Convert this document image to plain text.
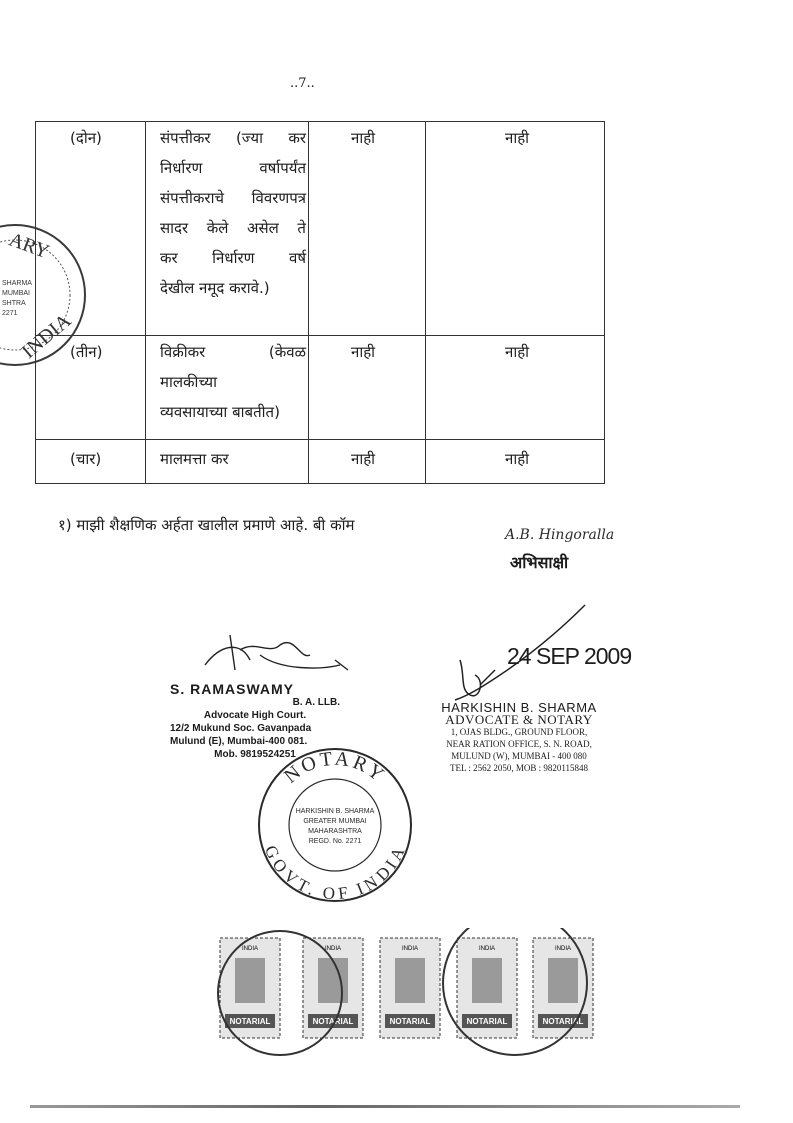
..7..
(दोन)	संपत्तीकर (ज्या कर
निर्धारण वर्षापर्यंत
संपत्तीकराचे विवरणपत्र
सादर केले असेल ते
कर निर्धारण वर्ष
देखील नमूद करावे.)
नाही	नाही
(तीन)	विक्रीकर (केवळ
मालकीच्या
व्यवसायाच्या बाबतीत)
नाही	नाही
(चार)	मालमत्ता कर	नाही	नाही
ARY
INDIA
SHARMA
MUMBAI
SHTRA
2271
१) माझी शैक्षणिक अर्हता खालील प्रमाणे आहे. बी कॉम
A.B. Hingoralla
अभिसाक्षी
24 SEP 2009
S. RAMASWAMY
B. A. LLB.
Advocate High Court.
12/2 Mukund Soc. Gavanpada
Mulund (E), Mumbai-400 081.
Mob. 9819524251
HARKISHIN B. SHARMA
ADVOCATE & NOTARY
1, OJAS BLDG., GROUND FLOOR,
NEAR RATION OFFICE, S. N. ROAD,
MULUND (W), MUMBAI - 400 080
TEL : 2562 2050, MOB : 9820115848
NOTARY
GOVT. OF INDIA
HARKISHIN B. SHARMA
GREATER MUMBAI
MAHARASHTRA
REGD. No. 2271
INDIA
NOTARIAL
INDIA
NOTARIAL
INDIA
NOTARIAL
INDIA
NOTARIAL
INDIA
NOTARIAL
